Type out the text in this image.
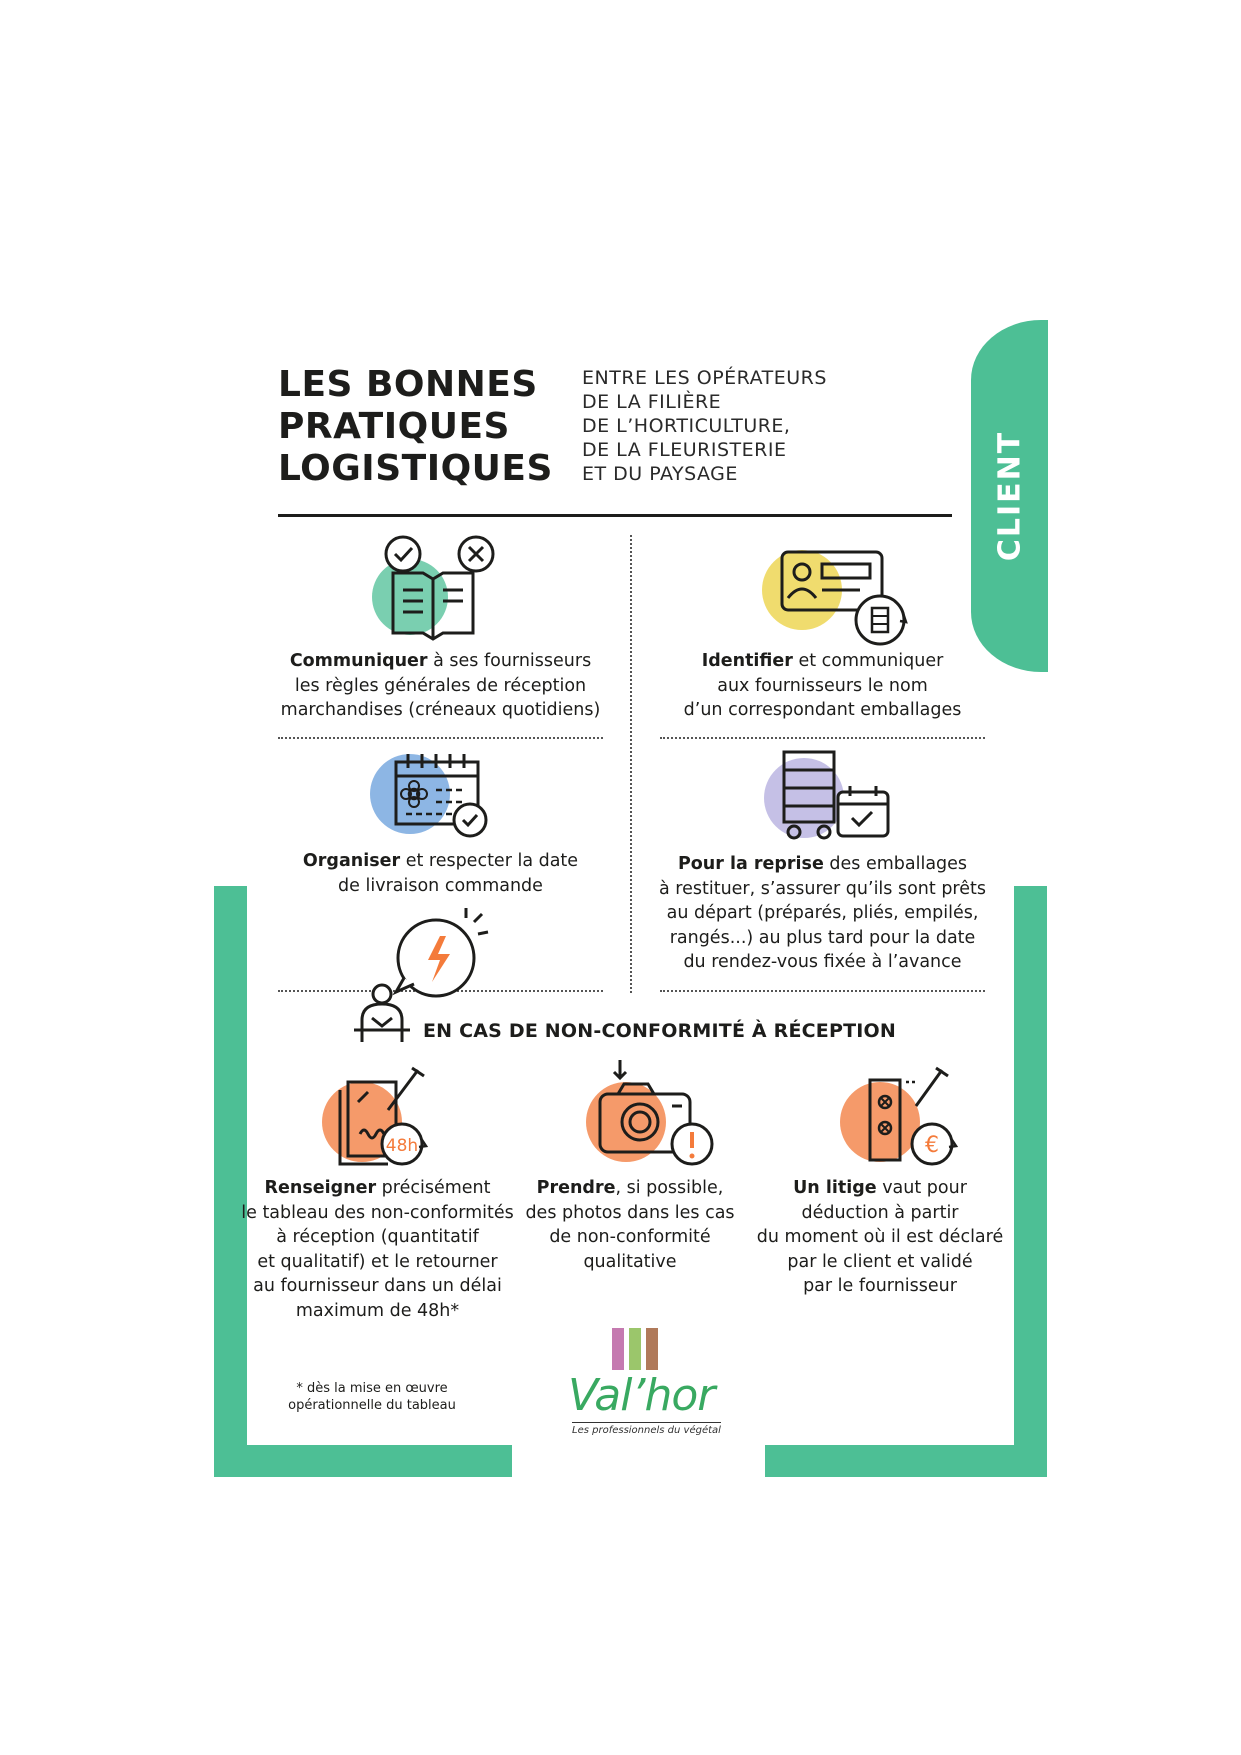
CLIENT
LES BONNES
PRATIQUES
LOGISTIQUES
ENTRE LES OPÉRATEURS
DE LA FILIÈRE
DE L’HORTICULTURE,
DE LA FLEURISTERIE
ET DU PAYSAGE
Communiquer à ses fournisseurs
les règles générales de réception
marchandises (créneaux quotidiens)
Identifier et communiquer
aux fournisseurs le nom
d’un correspondant emballages
Organiser et respecter la date
de livraison commande
Pour la reprise des emballages
à restituer, s’assurer qu’ils sont prêts
au départ (préparés, pliés, empilés,
rangés...) au plus tard pour la date
du rendez-vous fixée à l’avance
EN CAS DE NON-CONFORMITÉ À RÉCEPTION
48h	€
Renseigner précisément
le tableau des non-conformités
à réception (quantitatif
et qualitatif) et le retourner
au fournisseur dans un délai
maximum de 48h*
Prendre, si possible,
des photos dans les cas
de non-conformité
qualitative
Un litige vaut pour
déduction à partir
du moment où il est déclaré
par le client et validé
par le fournisseur
* dès la mise en œuvre
opérationnelle du tableau	Val’hor
Les professionnels du végétal
